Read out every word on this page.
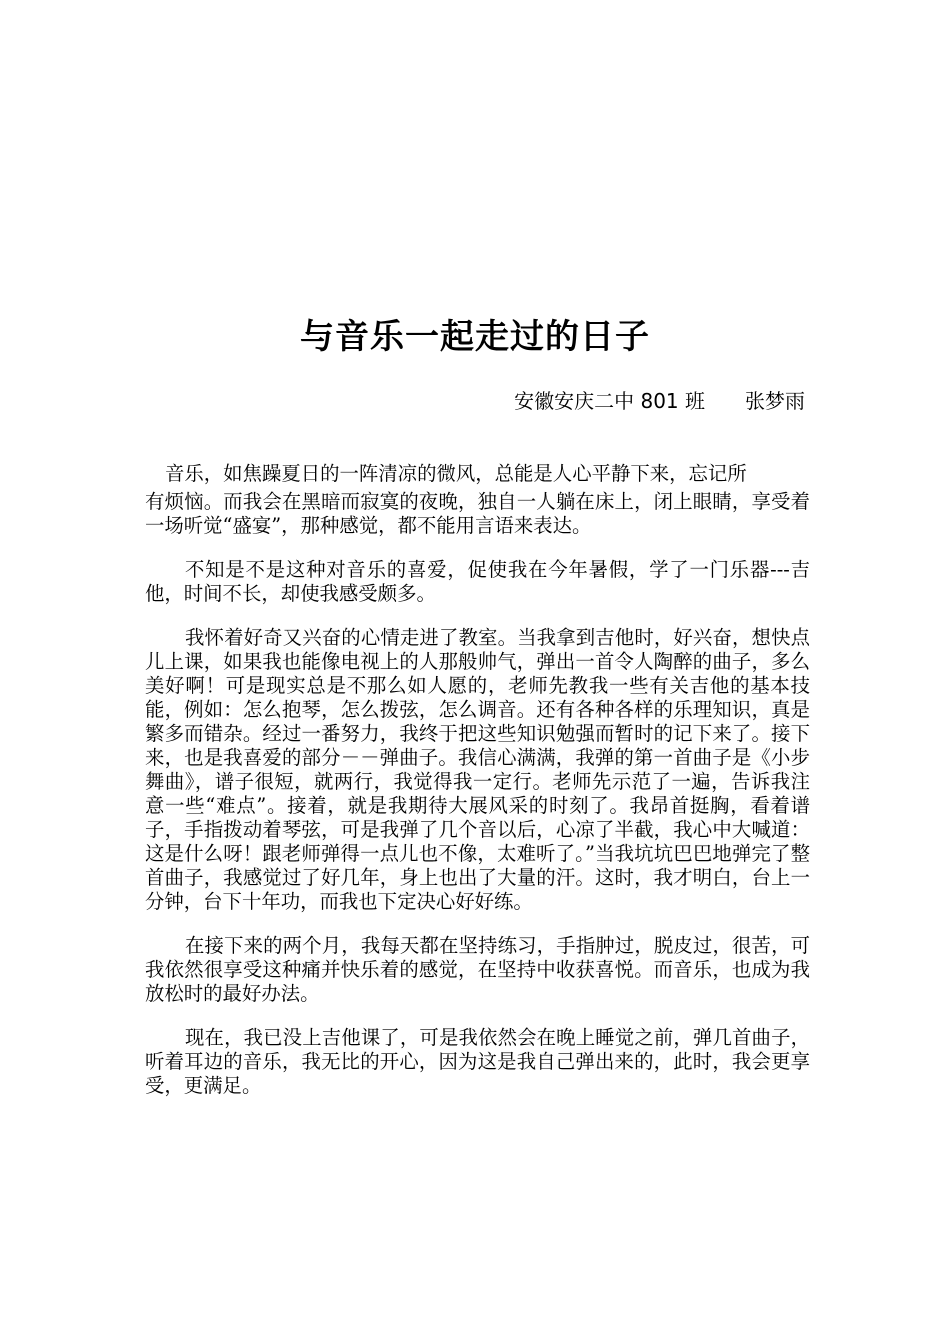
与音乐一起走过的日子
安徽安庆二中 801 班 张梦雨

音乐，如焦躁夏日的一阵清凉的微风，总能是人心平静下来，忘记所

有烦恼。而我会在黑暗而寂寞的夜晚，独自一人躺在床上，闭上眼睛，享受着一场听觉“盛宴”，那种感觉，都不能用言语来表达。

不知是不是这种对音乐的喜爱，促使我在今年暑假，学了一门乐器---吉他，时间不长，却使我感受颇多。

我怀着好奇又兴奋的心情走进了教室。当我拿到吉他时，好兴奋，想快点儿上课，如果我也能像电视上的人那般帅气，弹出一首令人陶醉的曲子，多么美好啊！可是现实总是不那么如人愿的，老师先教我一些有关吉他的基本技能，例如：怎么抱琴，怎么拨弦，怎么调音。还有各种各样的乐理知识，真是繁多而错杂。经过一番努力，我终于把这些知识勉强而暂时的记下来了。接下来，也是我喜爱的部分－－弹曲子。我信心满满，我弹的第一首曲子是《小步舞曲》，谱子很短，就两行，我觉得我一定行。老师先示范了一遍，告诉我注意一些“难点”。接着，就是我期待大展风采的时刻了。我昂首挺胸，看着谱子，手指拨动着琴弦，可是我弹了几个音以后，心凉了半截，我心中大喊道：这是什么呀！跟老师弹得一点儿也不像，太难听了。”当我坑坑巴巴地弹完了整首曲子，我感觉过了好几年，身上也出了大量的汗。这时，我才明白，台上一分钟，台下十年功，而我也下定决心好好练。

在接下来的两个月，我每天都在坚持练习，手指肿过，脱皮过，很苦，可我依然很享受这种痛并快乐着的感觉，在坚持中收获喜悦。而音乐，也成为我放松时的最好办法。

现在，我已没上吉他课了，可是我依然会在晚上睡觉之前，弹几首曲子，听着耳边的音乐，我无比的开心，因为这是我自己弹出来的，此时，我会更享受，更满足。
